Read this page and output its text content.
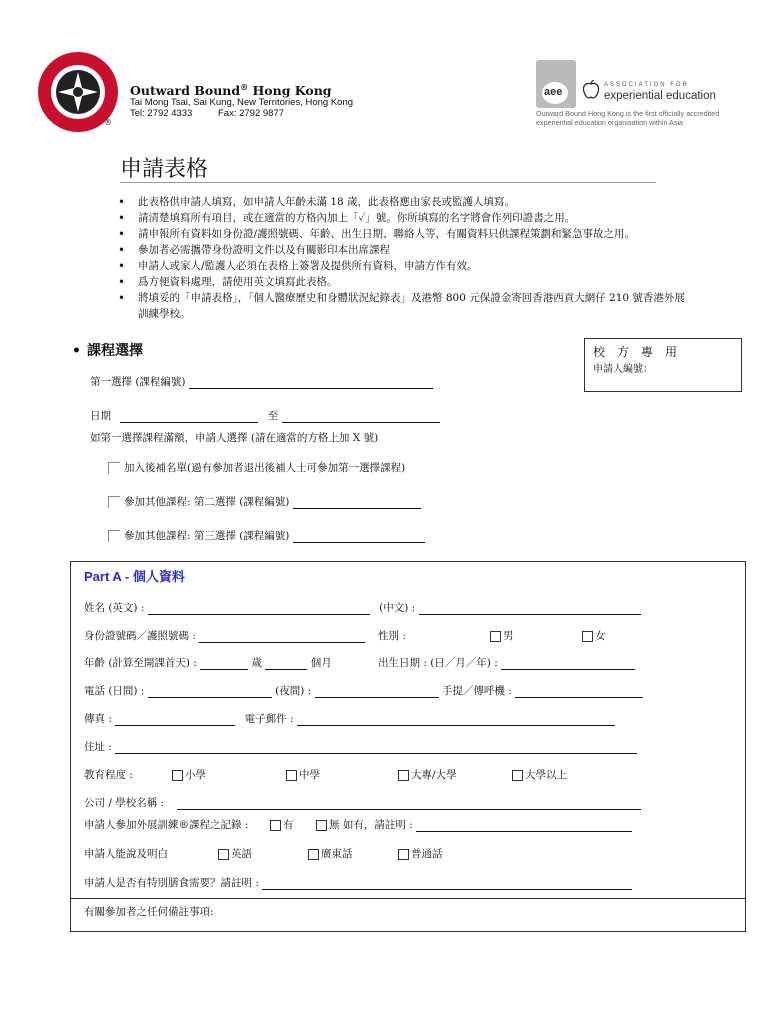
®
Outward Bound® Hong Kong
Tai Mong Tsai, Sai Kung, New Territories, Hong Kong
Tel: 2792 4333	Fax: 2792 9877
aee
ASSOCIATION FOR
experiential education
Outward Bound Hong Kong is the first officially accredited experiential education organisation within Asia
申請表格
• 此表格供申請人填寫，如申請人年齡未滿 18 歲，此表格應由家長或監護人填寫。
• 請清楚填寫所有項目，或在適當的方格內加上「✓」號。你所填寫的名字將會作列印證書之用。
• 請申報所有資料如身份證/護照號碼、年齡、出生日期、聯絡人等，有關資料只供課程策劃和緊急事故之用。
• 參加者必需攜帶身份證明文件以及有關影印本出席課程
• 申請人或家人/監護人必須在表格上簽署及提供所有資料，申請方作有效。
• 爲方便資料處理，請使用英文填寫此表格。
• 將填妥的「申請表格」，「個人醫療歷史和身體狀況紀錄表」及港幣 800 元保證金寄回香港西貢大網仔 210 號香港外展訓練學校。
• 課程選擇	校　方　專　用
申請人編號：
第一選擇 (課程編號)
日期	至
如第一選擇課程滿額，申請人選擇 (請在適當的方格上加 X 號)
加入後補名單(過有參加者退出後補人士可參加第一選擇課程)
參加其他課程: 第二選擇 (課程編號)
參加其他課程: 第三選擇 (課程編號)
Part A - 個人資料
姓名 (英文) :	(中文) :
身份證號碼／護照號碼 :	性別 :	男	女
年齡 (計算至開課首天) :	歲	個月	出生日期 : (日／月／年) :
電話 (日間) :	(夜間) :	手提／傳呼機 :
傳真 :	電子郵件 :
住址 :
教育程度 :	小學	中學	大專/大學	大學以上
公司 / 學校名稱 :
申請人參加外展訓練®課程之記錄 :	有	無 如有，請註明 :
申請人能說及明白	英語	廣東話	普通話
申請人是否有特別膳食需要？請註明 :
有關參加者之任何備註事項:
